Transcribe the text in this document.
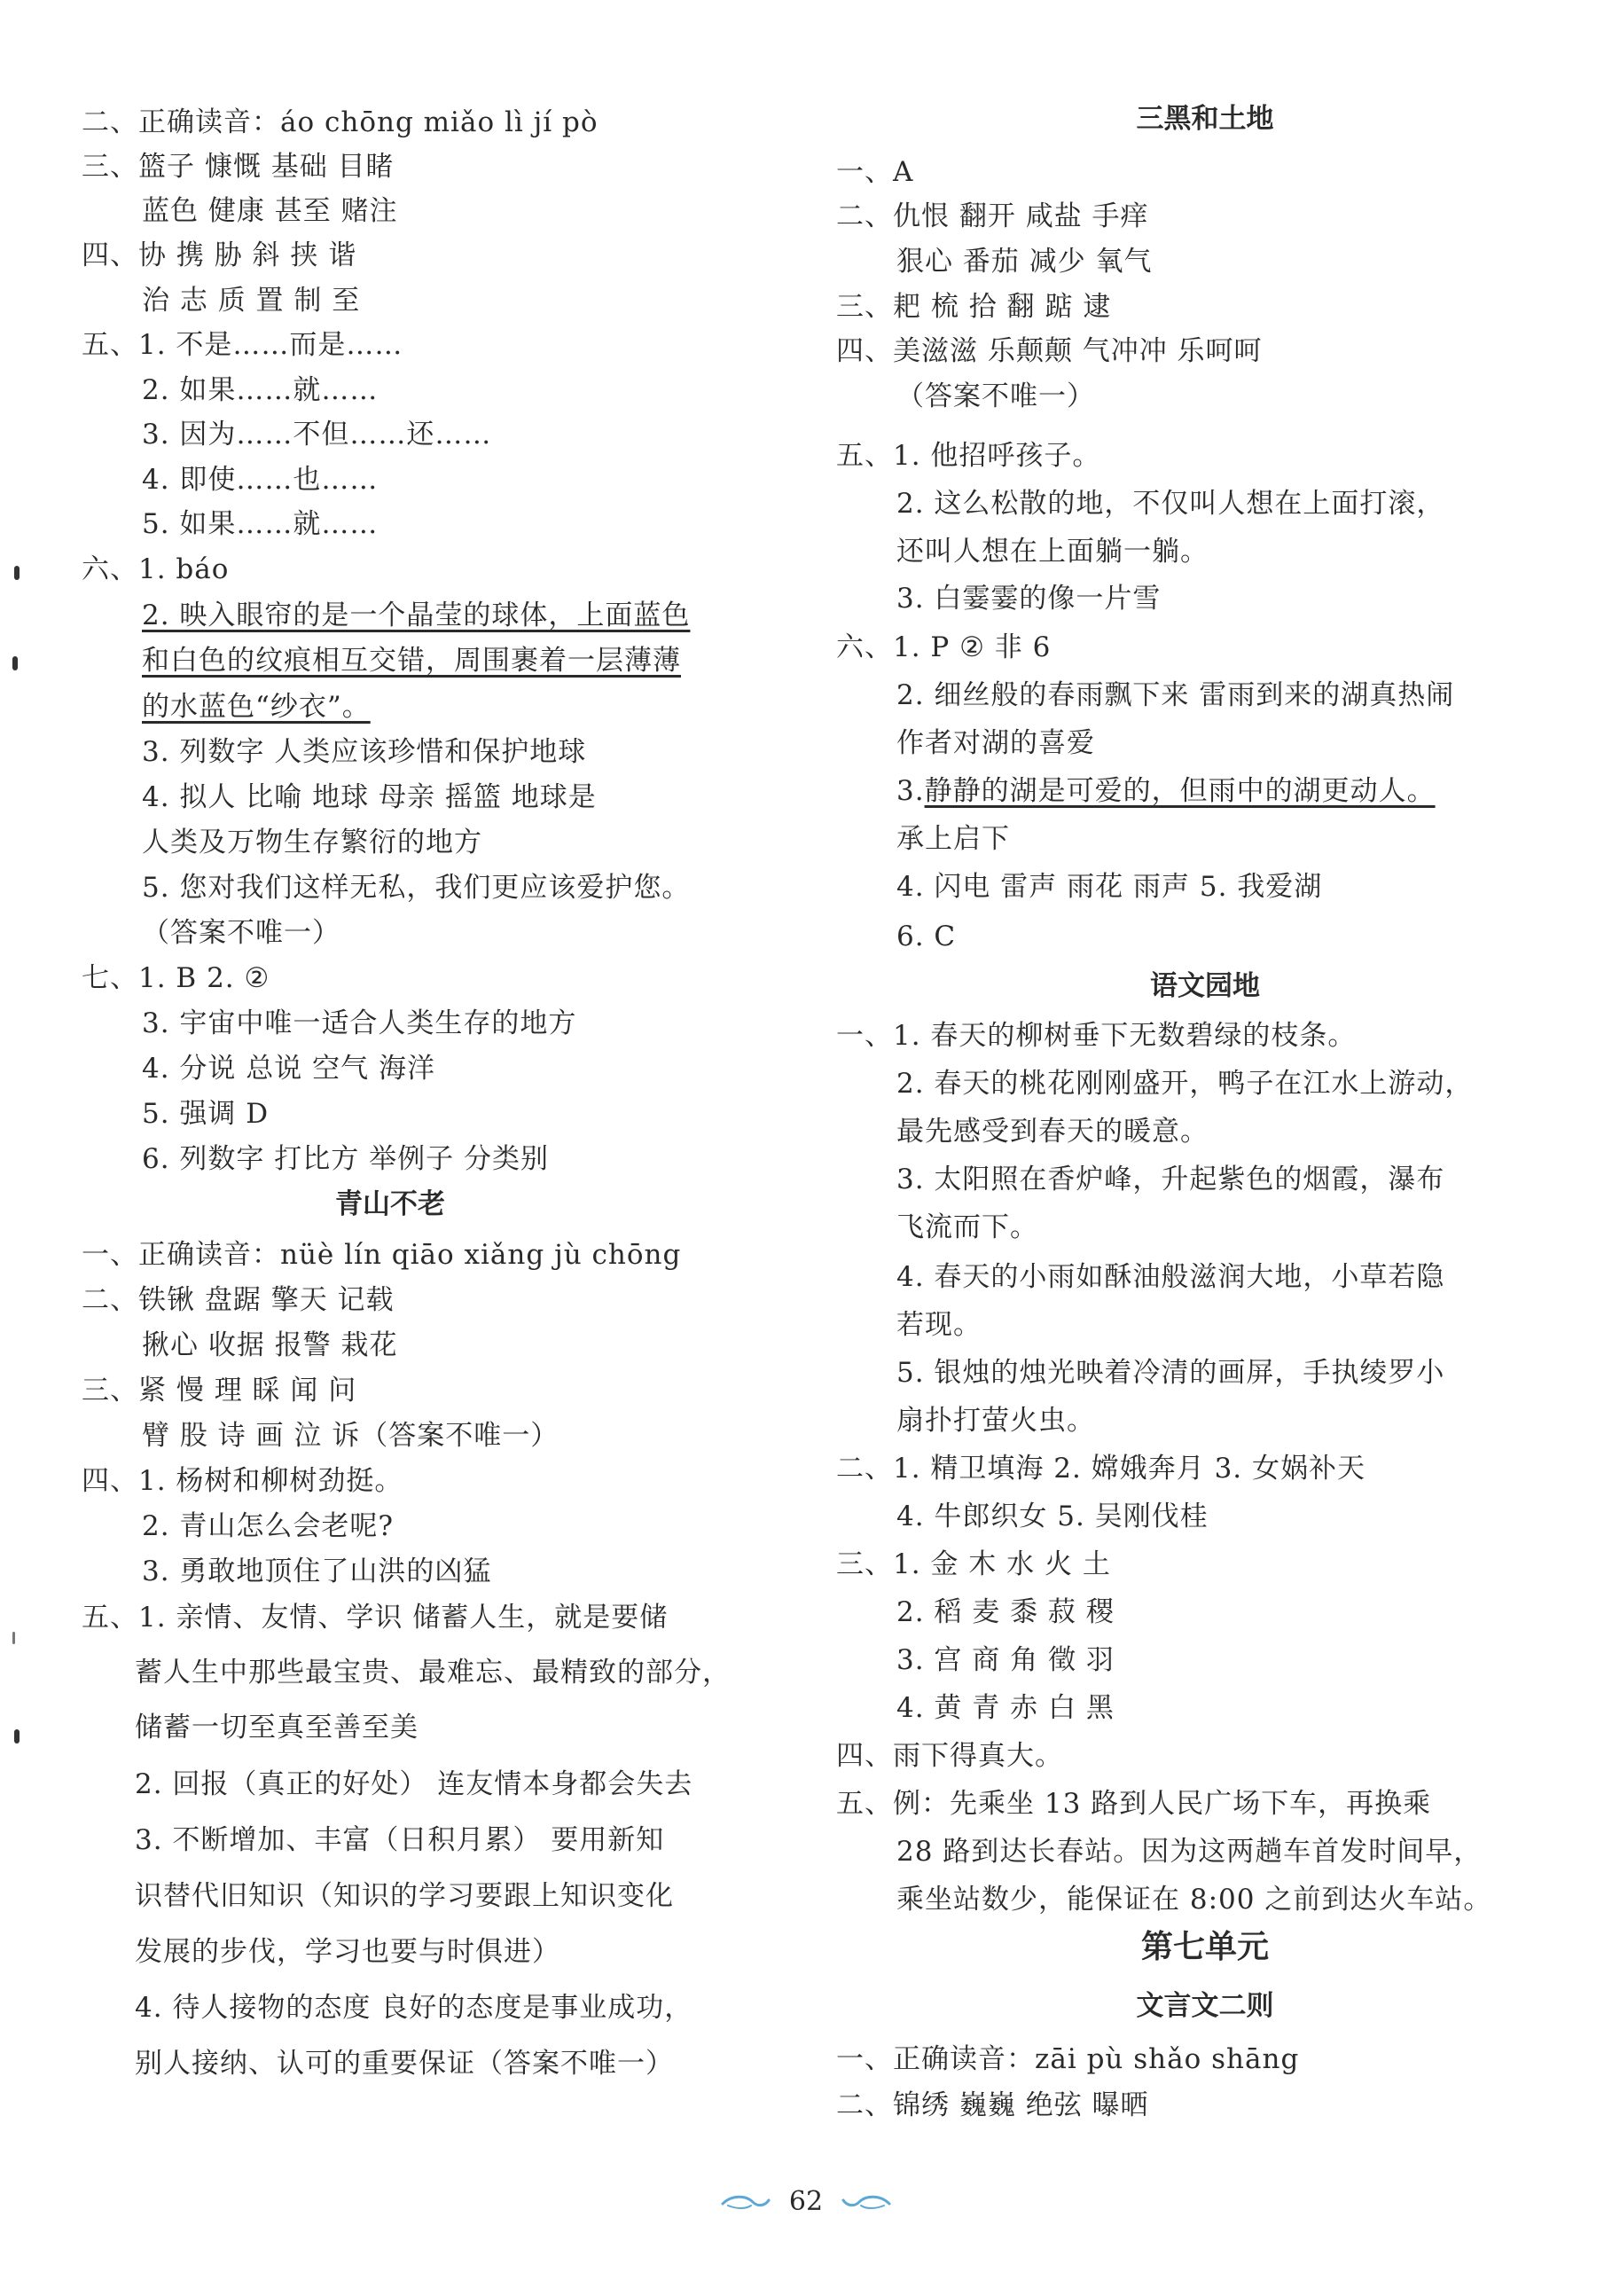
二、正确读音：áo chōng miǎo lì jí pò
三、篮子 慷慨 基础 目睹
蓝色 健康 甚至 赌注
四、协 携 胁 斜 挟 谐
治 志 质 置 制 至
五、1. 不是……而是……
2. 如果……就……
3. 因为……不但……还……
4. 即使……也……
5. 如果……就……
六、1. báo
2. 映入眼帘的是一个晶莹的球体，上面蓝色
和白色的纹痕相互交错，周围裹着一层薄薄
的水蓝色“纱衣”。
3. 列数字 人类应该珍惜和保护地球
4. 拟人 比喻 地球 母亲 摇篮 地球是
人类及万物生存繁衍的地方
5. 您对我们这样无私，我们更应该爱护您。
（答案不唯一）
七、1. B 2. ②
3. 宇宙中唯一适合人类生存的地方
4. 分说 总说 空气 海洋
5. 强调 D
6. 列数字 打比方 举例子 分类别
青山不老
一、正确读音：nüè lín qiāo xiǎng jù chōng
二、铁锹 盘踞 擎天 记载
揪心 收据 报警 栽花
三、紧 慢 理 睬 闻 问
臂 股 诗 画 泣 诉（答案不唯一）
四、1. 杨树和柳树劲挺。
2. 青山怎么会老呢?
3. 勇敢地顶住了山洪的凶猛
五、1. 亲情、友情、学识 储蓄人生，就是要储
蓄人生中那些最宝贵、最难忘、最精致的部分，
储蓄一切至真至善至美
2. 回报（真正的好处） 连友情本身都会失去
3. 不断增加、丰富（日积月累） 要用新知
识替代旧知识（知识的学习要跟上知识变化
发展的步伐，学习也要与时俱进）
4. 待人接物的态度 良好的态度是事业成功，
别人接纳、认可的重要保证（答案不唯一）
三黑和土地
一、A
二、仇恨 翻开 咸盐 手痒
狠心 番茄 减少 氧气
三、耙 梳 拾 翻 踮 逮
四、美滋滋 乐颠颠 气冲冲 乐呵呵
（答案不唯一）
五、1. 他招呼孩子。
2. 这么松散的地，不仅叫人想在上面打滚，
还叫人想在上面躺一躺。
3. 白霎霎的像一片雪
六、1. P ② 非 6
2. 细丝般的春雨飘下来 雷雨到来的湖真热闹
作者对湖的喜爱
3.静静的湖是可爱的，但雨中的湖更动人。
承上启下
4. 闪电 雷声 雨花 雨声 5. 我爱湖
6. C
语文园地
一、1. 春天的柳树垂下无数碧绿的枝条。
2. 春天的桃花刚刚盛开，鸭子在江水上游动，
最先感受到春天的暖意。
3. 太阳照在香炉峰，升起紫色的烟霞，瀑布
飞流而下。
4. 春天的小雨如酥油般滋润大地，小草若隐
若现。
5. 银烛的烛光映着冷清的画屏，手执绫罗小
扇扑打萤火虫。
二、1. 精卫填海 2. 嫦娥奔月 3. 女娲补天
4. 牛郎织女 5. 吴刚伐桂
三、1. 金 木 水 火 土
2. 稻 麦 黍 菽 稷
3. 宫 商 角 徵 羽
4. 黄 青 赤 白 黑
四、雨下得真大。
五、例：先乘坐 13 路到人民广场下车，再换乘
28 路到达长春站。因为这两趟车首发时间早，
乘坐站数少，能保证在 8:00 之前到达火车站。
第七单元
文言文二则
一、正确读音：zāi pù shǎo shāng
二、锦绣 巍巍 绝弦 曝晒
62
